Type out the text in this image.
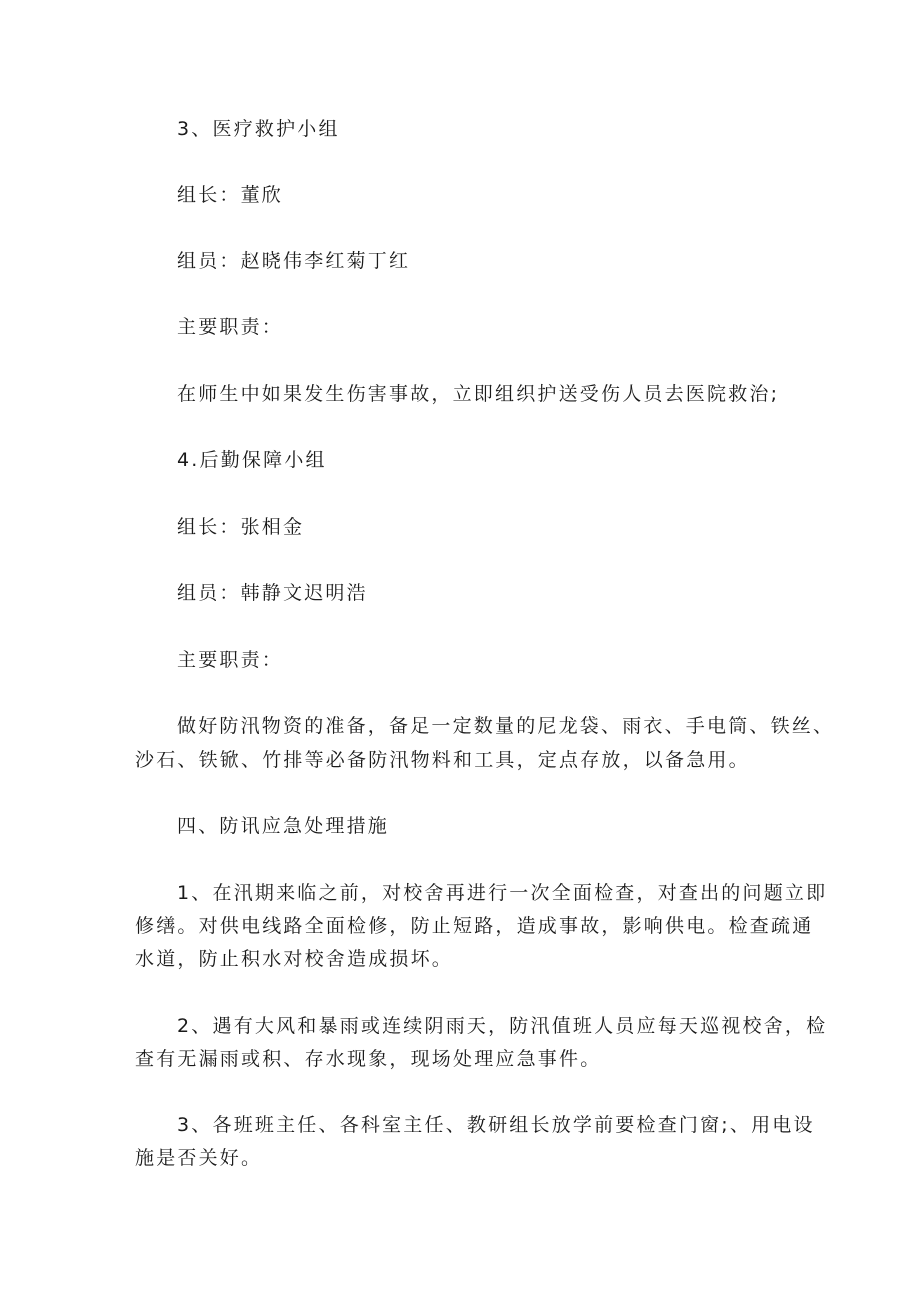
3、医疗救护小组
组长：董欣
组员：赵晓伟李红菊丁红
主要职责：
在师生中如果发生伤害事故，立即组织护送受伤人员去医院救治;
4.后勤保障小组
组长：张相金
组员：韩静文迟明浩
主要职责：
做好防汛物资的准备，备足一定数量的尼龙袋、雨衣、手电筒、铁丝、
沙石、铁锨、竹排等必备防汛物料和工具，定点存放，以备急用。
四、防讯应急处理措施
1、在汛期来临之前，对校舍再进行一次全面检查，对查出的问题立即
修缮。对供电线路全面检修，防止短路，造成事故，影响供电。检查疏通
水道，防止积水对校舍造成损坏。
2、遇有大风和暴雨或连续阴雨天，防汛值班人员应每天巡视校舍，检
查有无漏雨或积、存水现象，现场处理应急事件。
3、各班班主任、各科室主任、教研组长放学前要检查门窗;、用电设
施是否关好。
